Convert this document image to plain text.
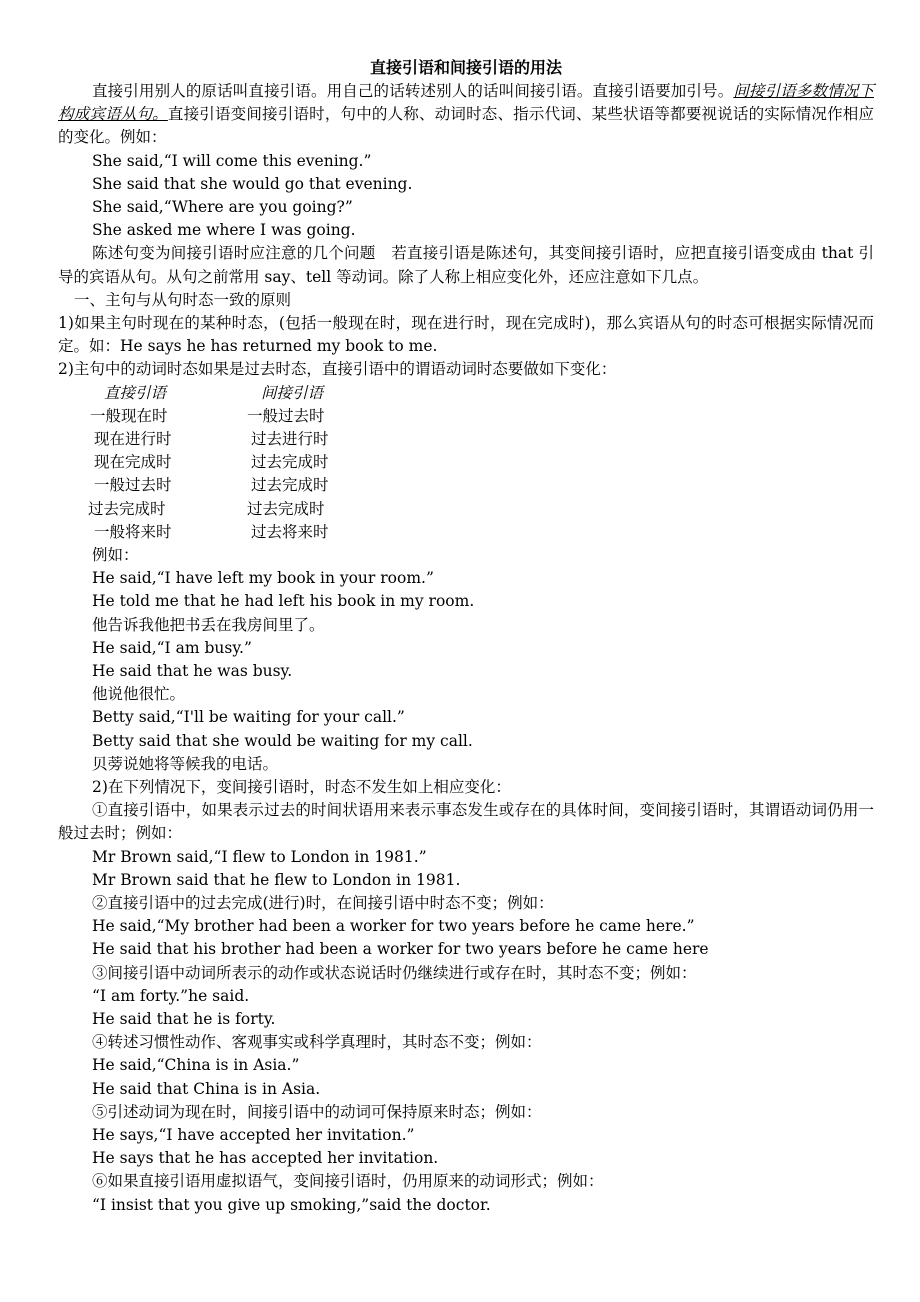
直接引语和间接引语的用法

直接引用别人的原话叫直接引语。用自己的话转述别人的话叫间接引语。直接引语要加引号。间接引语多数情况下构成宾语从句。直接引语变间接引语时，句中的人称、动词时态、指示代词、某些状语等都要视说话的实际情况作相应的变化。例如：

She said,“I will come this evening.”
She said that she would go that evening.
She said,“Where are you going?”
She asked me where I was going.

陈述句变为间接引语时应注意的几个问题　若直接引语是陈述句，其变间接引语时，应把直接引语变成由 that 引导的宾语从句。从句之前常用 say、tell 等动词。除了人称上相应变化外，还应注意如下几点。

一、主句与从句时态一致的原则

1)如果主句时现在的某种时态，(包括一般现在时，现在进行时，现在完成时)，那么宾语从句的时态可根据实际情况而定。如：He says he has returned my book to me.

2)主句中的动词时态如果是过去时态，直接引语中的谓语动词时态要做如下变化：
直接引语	间接引语
一般现在时	一般过去时
现在进行时	过去进行时
现在完成时	过去完成时
一般过去时	过去完成时
过去完成时	过去完成时
一般将来时	过去将来时
例如：
He said,“I have left my book in your room.”
He told me that he had left his book in my room.
他告诉我他把书丢在我房间里了。
He said,“I am busy.”
He said that he was busy.
他说他很忙。
Betty said,“I'll be waiting for your call.”
Betty said that she would be waiting for my call.
贝蒡说她将等候我的电话。
2)在下列情况下，变间接引语时，时态不发生如上相应变化：

①直接引语中，如果表示过去的时间状语用来表示事态发生或存在的具体时间，变间接引语时，其谓语动词仍用一般过去时；例如：

Mr Brown said,“I flew to London in 1981.”
Mr Brown said that he flew to London in 1981.
②直接引语中的过去完成(进行)时，在间接引语中时态不变；例如：
He said,“My brother had been a worker for two years before he came here.”
He said that his brother had been a worker for two years before he came here
③间接引语中动词所表示的动作或状态说话时仍继续进行或存在时，其时态不变；例如：
“I am forty.”he said.
He said that he is forty.
④转述习惯性动作、客观事实或科学真理时，其时态不变；例如：
He said,“China is in Asia.”
He said that China is in Asia.
⑤引述动词为现在时，间接引语中的动词可保持原来时态；例如：
He says,“I have accepted her invitation.”
He says that he has accepted her invitation.
⑥如果直接引语用虚拟语气，变间接引语时，仍用原来的动词形式；例如：
“I insist that you give up smoking,”said the doctor.
